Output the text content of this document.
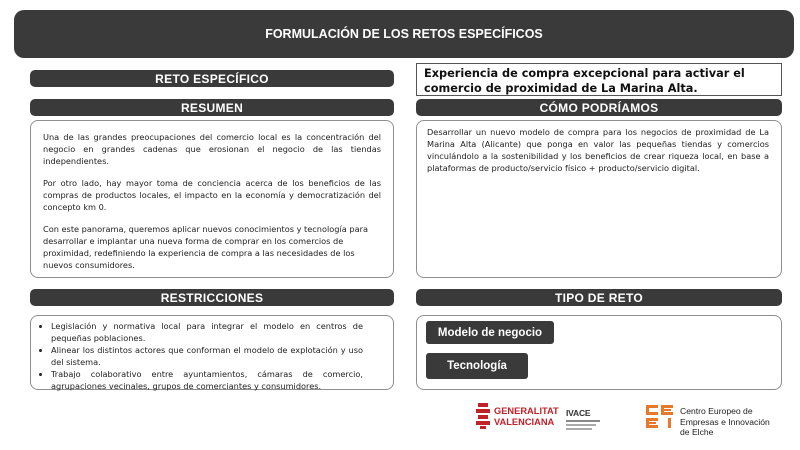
FORMULACIÓN DE LOS RETOS ESPECÍFICOS
RETO ESPECÍFICO	Experiencia de compra excepcional para activar el comercio de proximidad de La Marina Alta.
RESUMEN

Una de las grandes preocupaciones del comercio local es la concentración del negocio en grandes cadenas que erosionan el negocio de las tiendas independientes.

Por otro lado, hay mayor toma de conciencia acerca de los beneficios de las compras de productos locales, el impacto en la economía y democratización del concepto km 0.

Con este panorama, queremos aplicar nuevos conocimientos y tecnología para desarrollar e implantar una nueva forma de comprar en los comercios de proximidad, redefiniendo la experiencia de compra a las necesidades de los nuevos consumidores.

CÓMO PODRÍAMOS

Desarrollar un nuevo modelo de compra para los negocios de proximidad de La Marina Alta (Alicante) que ponga en valor las pequeñas tiendas y comercios vinculándolo a la sostenibilidad y los beneficios de crear riqueza local, en base a plataformas de producto/servicio físico + producto/servicio digital.

RESTRICCIONES
• Legislación y normativa local para integrar el modelo en centros de pequeñas poblaciones.
• Alinear los distintos actores que conforman el modelo de explotación y uso del sistema.
• Trabajo colaborativo entre ayuntamientos, cámaras de comercio, agrupaciones vecinales, grupos de comerciantes y consumidores.
TIPO DE RETO
Modelo de negocio
Tecnología
GENERALITAT
VALENCIANA
IVACE	Centro Europeo de
Empresas e Innovación
de Elche
